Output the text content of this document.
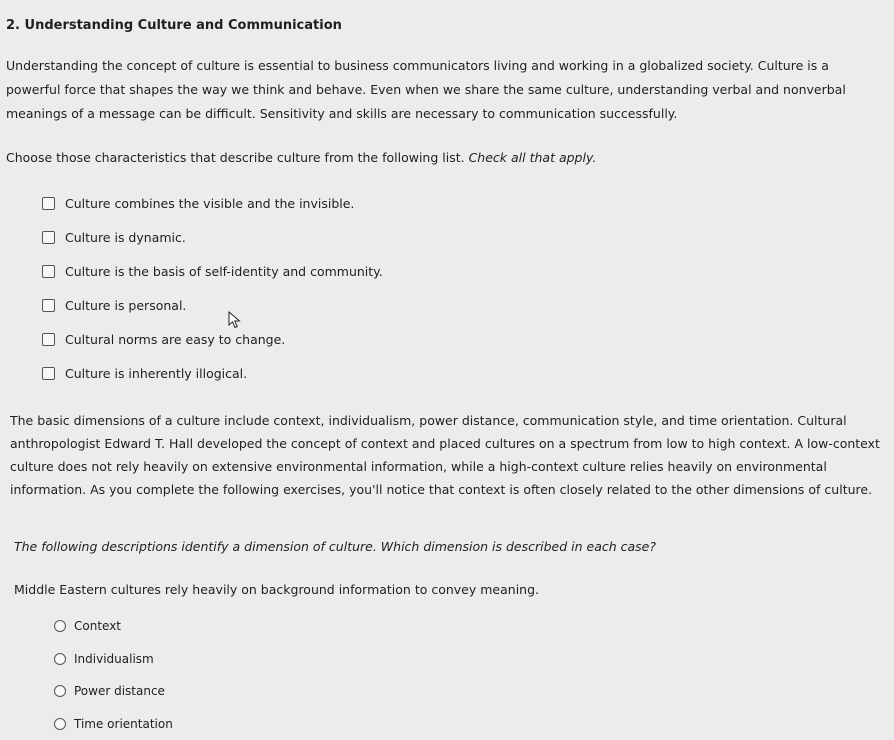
2. Understanding Culture and Communication
Understanding the concept of culture is essential to business communicators living and working in a globalized society. Culture is a powerful force that shapes the way we think and behave. Even when we share the same culture, understanding verbal and nonverbal meanings of a message can be difficult. Sensitivity and skills are necessary to communication successfully.
Choose those characteristics that describe culture from the following list. Check all that apply.
Culture combines the visible and the invisible.
Culture is dynamic.
Culture is the basis of self-identity and community.
Culture is personal.
Cultural norms are easy to change.
Culture is inherently illogical.
The basic dimensions of a culture include context, individualism, power distance, communication style, and time orientation. Cultural anthropologist Edward T. Hall developed the concept of context and placed cultures on a spectrum from low to high context. A low-context culture does not rely heavily on extensive environmental information, while a high-context culture relies heavily on environmental information. As you complete the following exercises, you'll notice that context is often closely related to the other dimensions of culture.
The following descriptions identify a dimension of culture. Which dimension is described in each case?
Middle Eastern cultures rely heavily on background information to convey meaning.
Context
Individualism
Power distance
Time orientation
